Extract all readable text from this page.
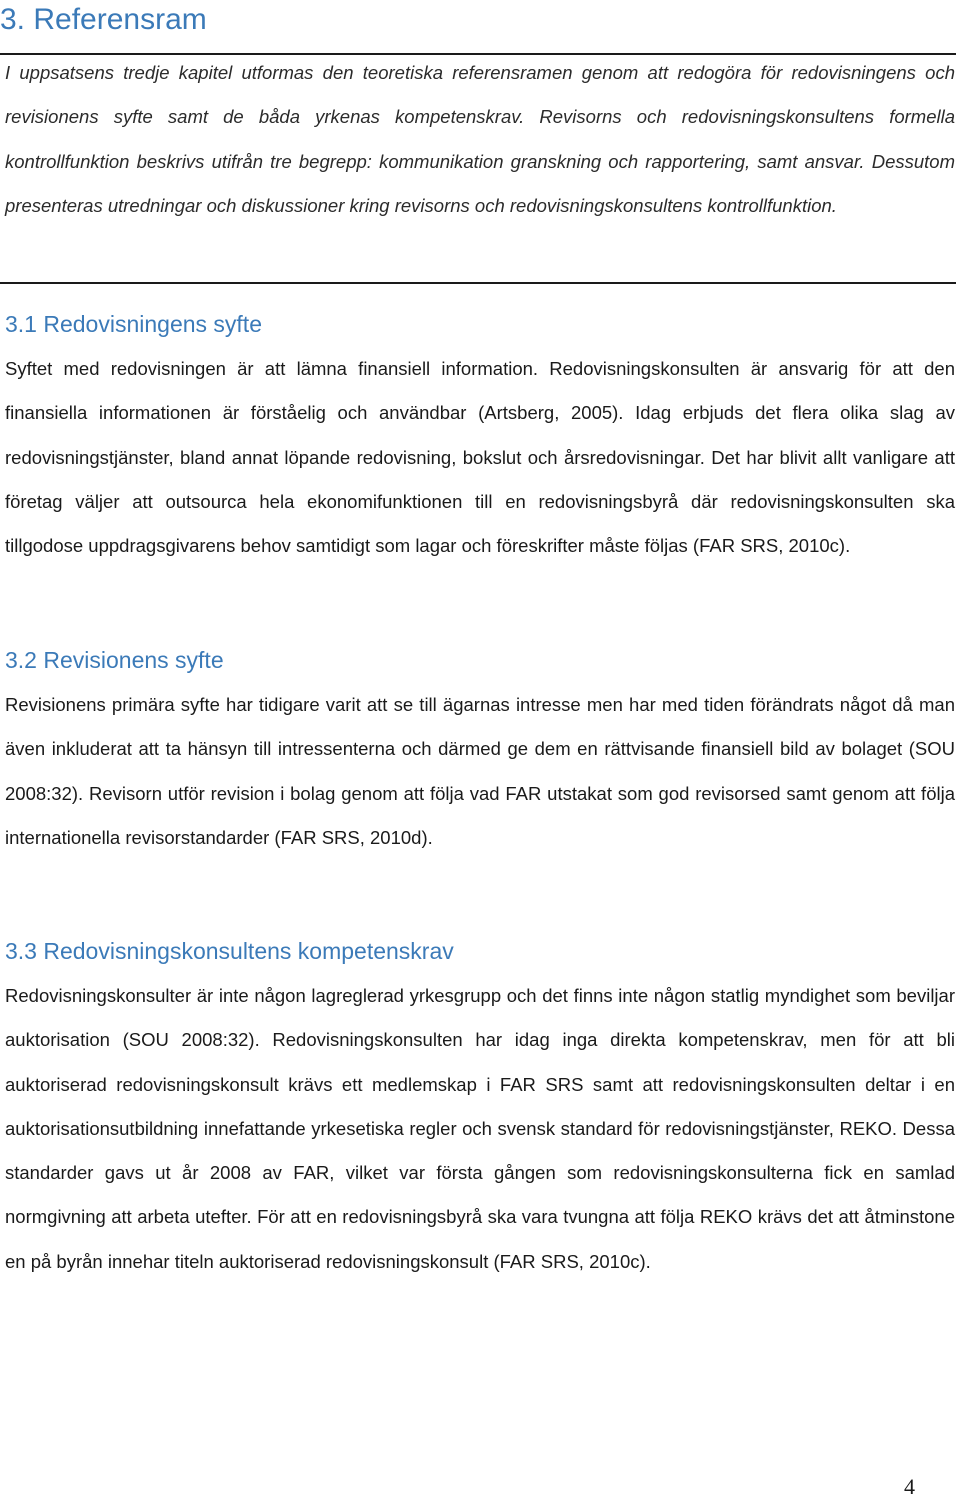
3. Referensram

I uppsatsens tredje kapitel utformas den teoretiska referensramen genom att redogöra för redovisningens och revisionens syfte samt de båda yrkenas kompetenskrav. Revisorns och redovisningskonsultens formella kontrollfunktion beskrivs utifrån tre begrepp: kommunikation granskning och rapportering, samt ansvar. Dessutom presenteras utredningar och diskussioner kring revisorns och redovisningskonsultens kontrollfunktion.

3.1 Redovisningens syfte

Syftet med redovisningen är att lämna finansiell information. Redovisningskonsulten är ansvarig för att den finansiella informationen är förståelig och användbar (Artsberg, 2005). Idag erbjuds det flera olika slag av redovisningstjänster, bland annat löpande redovisning, bokslut och årsredovisningar. Det har blivit allt vanligare att företag väljer att outsourca hela ekonomifunktionen till en redovisningsbyrå där redovisningskonsulten ska tillgodose uppdragsgivarens behov samtidigt som lagar och föreskrifter måste följas (FAR SRS, 2010c).

3.2 Revisionens syfte

Revisionens primära syfte har tidigare varit att se till ägarnas intresse men har med tiden förändrats något då man även inkluderat att ta hänsyn till intressenterna och därmed ge dem en rättvisande finansiell bild av bolaget (SOU 2008:32). Revisorn utför revision i bolag genom att följa vad FAR utstakat som god revisorsed samt genom att följa internationella revisorstandarder (FAR SRS, 2010d).

3.3 Redovisningskonsultens kompetenskrav

Redovisningskonsulter är inte någon lagreglerad yrkesgrupp och det finns inte någon statlig myndighet som beviljar auktorisation (SOU 2008:32). Redovisningskonsulten har idag inga direkta kompetenskrav, men för att bli auktoriserad redovisningskonsult krävs ett medlemskap i FAR SRS samt att redovisningskonsulten deltar i en auktorisationsutbildning innefattande yrkesetiska regler och svensk standard för redovisningstjänster, REKO. Dessa standarder gavs ut år 2008 av FAR, vilket var första gången som redovisningskonsulterna fick en samlad normgivning att arbeta utefter. För att en redovisningsbyrå ska vara tvungna att följa REKO krävs det att åtminstone en på byrån innehar titeln auktoriserad redovisningskonsult (FAR SRS, 2010c).

4
